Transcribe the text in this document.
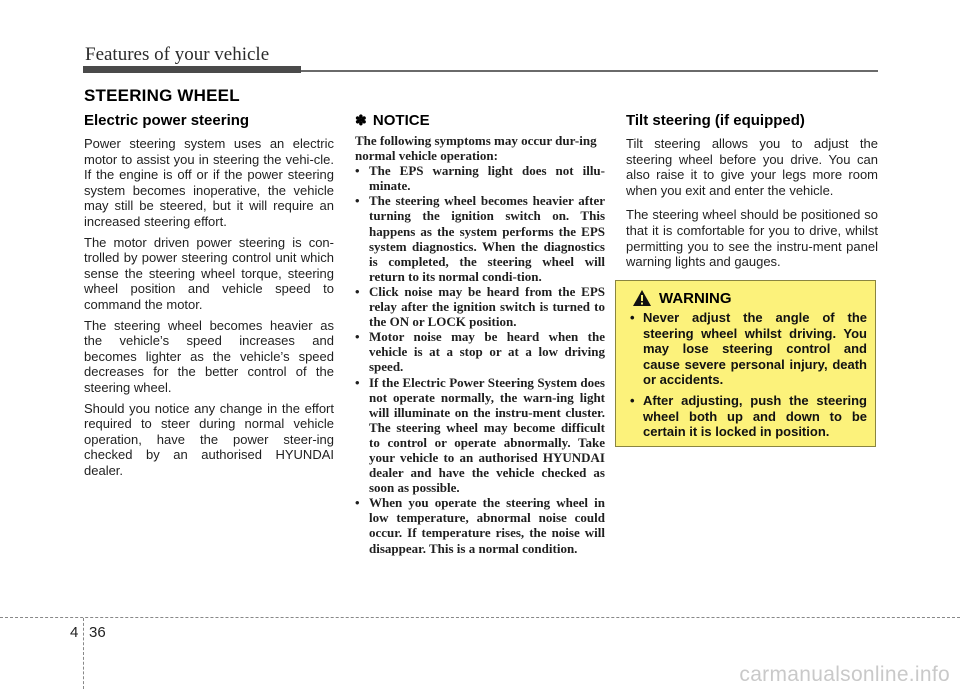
Features of your vehicle
STEERING WHEEL
Electric power steering

Power steering system uses an electric motor to assist you in steering the vehi-cle. If the engine is off or if the power steering system becomes inoperative, the vehicle may still be steered, but it will require an increased steering effort.

The motor driven power steering is con-trolled by power steering control unit which sense the steering wheel torque, steering wheel position and vehicle speed to command the motor.

The steering wheel becomes heavier as the vehicle’s speed increases and becomes lighter as the vehicle’s speed decreases for the better control of the steering wheel.

Should you notice any change in the effort required to steer during normal vehicle operation, have the power steer-ing checked by an authorised HYUNDAI dealer.

✽ NOTICE

The following symptoms may occur dur-ing normal vehicle operation:

• The EPS warning light does not illu-minate.
• The steering wheel becomes heavier after turning the ignition switch on. This happens as the system performs the EPS system diagnostics. When the diagnostics is completed, the steering wheel will return to its normal condi-tion.
• Click noise may be heard from the EPS relay after the ignition switch is turned to the ON or LOCK position.
• Motor noise may be heard when the vehicle is at a stop or at a low driving speed.
• If the Electric Power Steering System does not operate normally, the warn-ing light will illuminate on the instru-ment cluster. The steering wheel may become difficult to control or operate abnormally. Take your vehicle to an authorised HYUNDAI dealer and have the vehicle checked as soon as possible.
• When you operate the steering wheel in low temperature, abnormal noise could occur. If temperature rises, the noise will disappear. This is a normal condition.
Tilt steering (if equipped)

Tilt steering allows you to adjust the steering wheel before you drive. You can also raise it to give your legs more room when you exit and enter the vehicle.

The steering wheel should be positioned so that it is comfortable for you to drive, whilst permitting you to see the instru-ment panel warning lights and gauges.

WARNING
• Never adjust the angle of the steering wheel whilst driving. You may lose steering control and cause severe personal injury, death or accidents.
• After adjusting, push the steering wheel both up and down to be certain it is locked in position.
4 36
carmanualsonline.info
